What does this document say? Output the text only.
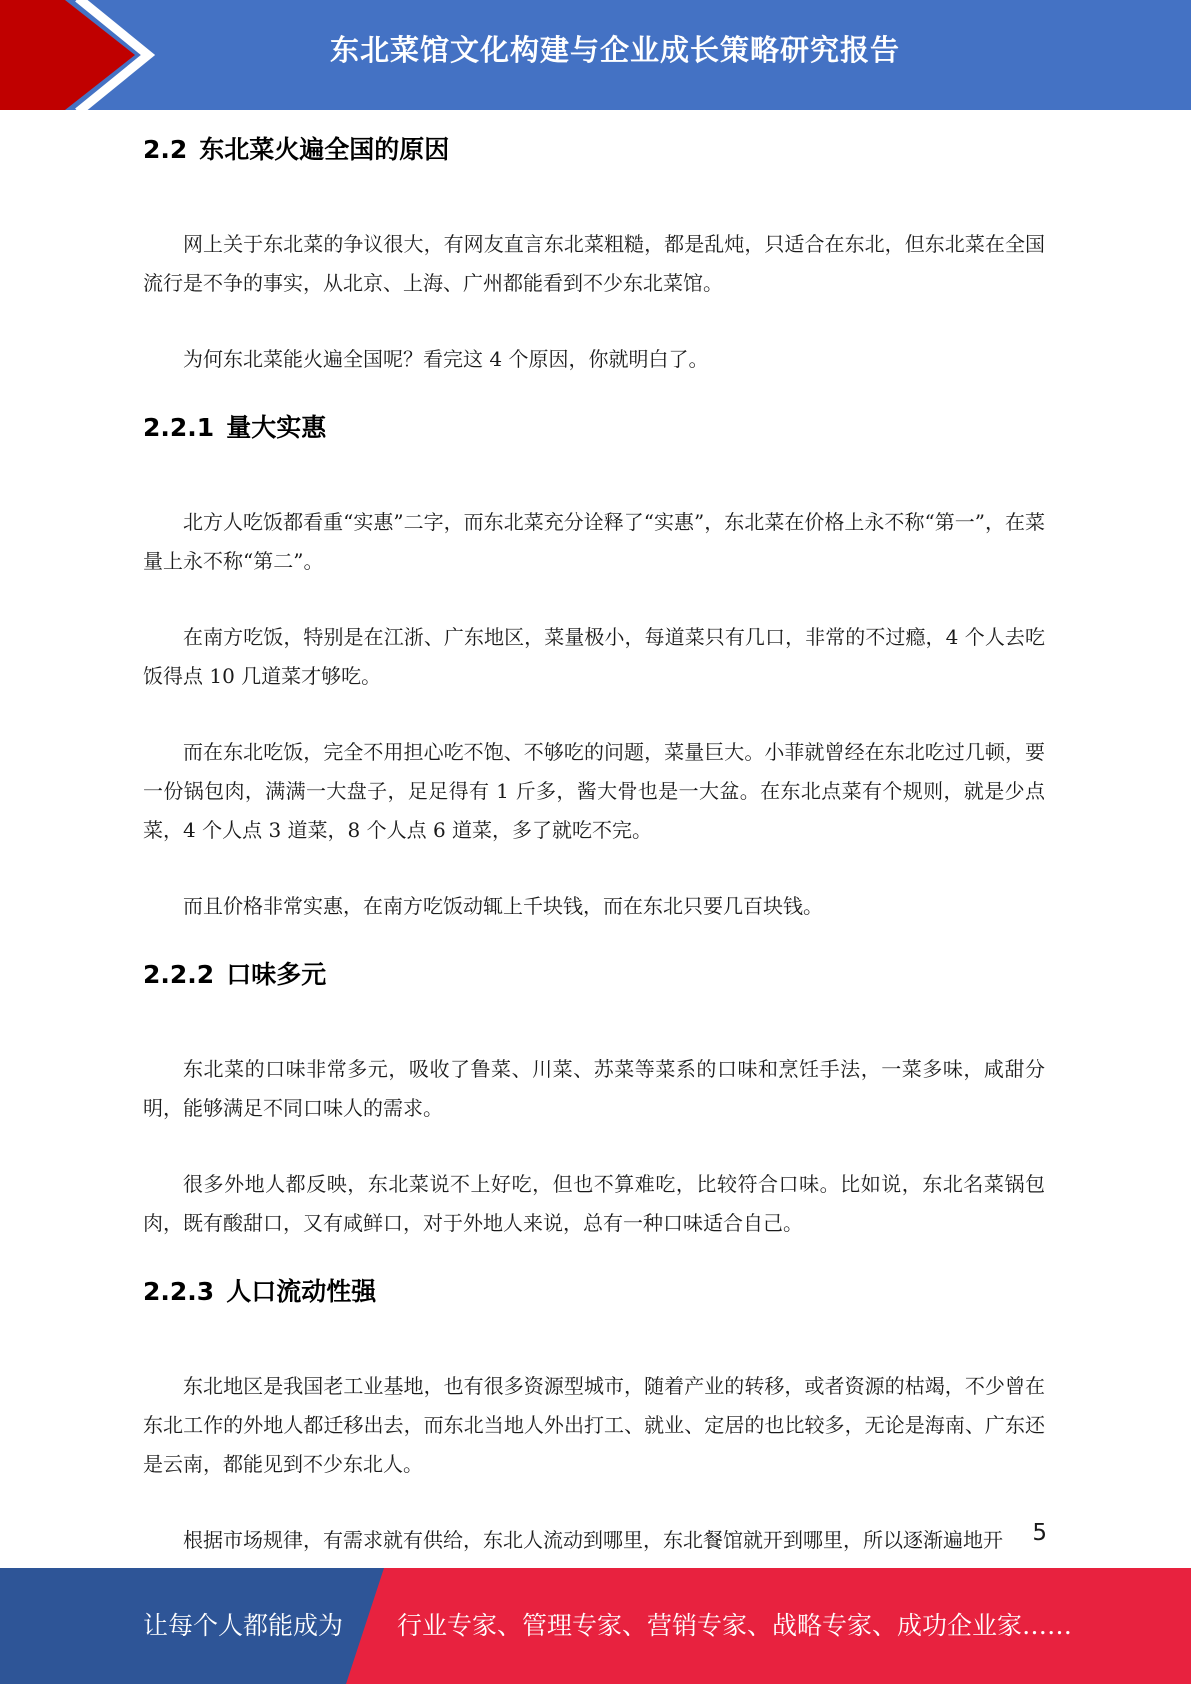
东北菜馆文化构建与企业成长策略研究报告
2.2 东北菜火遍全国的原因

网上关于东北菜的争议很大，有网友直言东北菜粗糙，都是乱炖，只适合在东北，但东北菜在全国流行是不争的事实，从北京、上海、广州都能看到不少东北菜馆。

为何东北菜能火遍全国呢？看完这 4 个原因，你就明白了。

2.2.1 量大实惠

北方人吃饭都看重“实惠”二字，而东北菜充分诠释了“实惠”，东北菜在价格上永不称“第一”，在菜量上永不称“第二”。

在南方吃饭，特别是在江浙、广东地区，菜量极小，每道菜只有几口，非常的不过瘾，4 个人去吃饭得点 10 几道菜才够吃。

而在东北吃饭，完全不用担心吃不饱、不够吃的问题，菜量巨大。小菲就曾经在东北吃过几顿，要一份锅包肉，满满一大盘子，足足得有 1 斤多，酱大骨也是一大盆。在东北点菜有个规则，就是少点菜，4 个人点 3 道菜，8 个人点 6 道菜，多了就吃不完。

而且价格非常实惠，在南方吃饭动辄上千块钱，而在东北只要几百块钱。

2.2.2 口味多元

东北菜的口味非常多元，吸收了鲁菜、川菜、苏菜等菜系的口味和烹饪手法，一菜多味，咸甜分明，能够满足不同口味人的需求。

很多外地人都反映，东北菜说不上好吃，但也不算难吃，比较符合口味。比如说，东北名菜锅包肉，既有酸甜口，又有咸鲜口，对于外地人来说，总有一种口味适合自己。

2.2.3 人口流动性强

东北地区是我国老工业基地，也有很多资源型城市，随着产业的转移，或者资源的枯竭，不少曾在东北工作的外地人都迁移出去，而东北当地人外出打工、就业、定居的也比较多，无论是海南、广东还是云南，都能见到不少东北人。

根据市场规律，有需求就有供给，东北人流动到哪里，东北餐馆就开到哪里，所以逐渐遍地开	5
让每个人都能成为 行业专家、管理专家、营销专家、战略专家、成功企业家……
